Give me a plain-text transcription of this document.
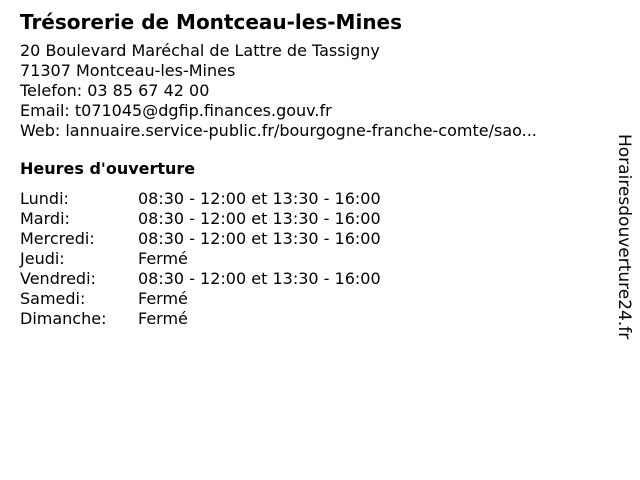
Trésorerie de Montceau-les-Mines
20 Boulevard Maréchal de Lattre de Tassigny
71307 Montceau-les-Mines
Telefon: 03 85 67 42 00
Email: t071045@dgfip.finances.gouv.fr
Web: lannuaire.service-public.fr/bourgogne-franche-comte/sao...
Heures d'ouverture
Lundi:	08:30 - 12:00 et 13:30 - 16:00
Mardi:	08:30 - 12:00 et 13:30 - 16:00
Mercredi:	08:30 - 12:00 et 13:30 - 16:00
Jeudi:	Fermé
Vendredi:	08:30 - 12:00 et 13:30 - 16:00
Samedi:	Fermé
Dimanche:	Fermé	Horairesdouverture24.fr
